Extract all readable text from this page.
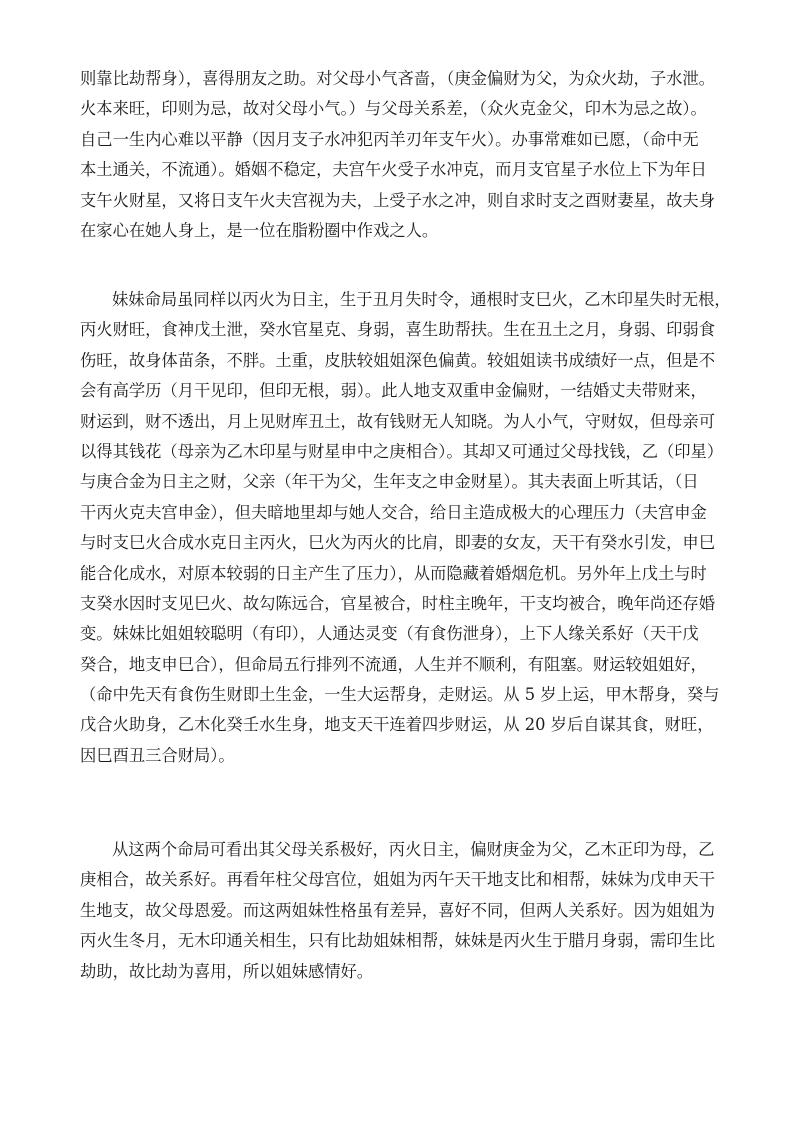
则靠比劫帮身），喜得朋友之助。对父母小气吝啬，（庚金偏财为父，为众火劫，子水泄。
火本来旺，印则为忌，故对父母小气。）与父母关系差，（众火克金父，印木为忌之故）。
自己一生内心难以平静（因月支子水冲犯丙羊刃年支午火）。办事常难如已愿，（命中无
本土通关，不流通）。婚姻不稳定，夫宫午火受子水冲克，而月支官星子水位上下为年日
支午火财星，又将日支午火夫宫视为夫，上受子水之冲，则自求时支之酉财妻星，故夫身
在家心在她人身上，是一位在脂粉圈中作戏之人。
妹妹命局虽同样以丙火为日主，生于丑月失时令，通根时支巳火，乙木印星失时无根，
丙火财旺，食神戊土泄，癸水官星克、身弱，喜生助帮扶。生在丑土之月，身弱、印弱食
伤旺，故身体苗条，不胖。土重，皮肤较姐姐深色偏黄。较姐姐读书成绩好一点，但是不
会有高学历（月干见印，但印无根，弱）。此人地支双重申金偏财，一结婚丈夫带财来，
财运到，财不透出，月上见财库丑土，故有钱财无人知晓。为人小气，守财奴，但母亲可
以得其钱花（母亲为乙木印星与财星申中之庚相合）。其却又可通过父母找钱，乙（印星）
与庚合金为日主之财，父亲（年干为父，生年支之申金财星）。其夫表面上听其话，（日
干丙火克夫宫申金），但夫暗地里却与她人交合，给日主造成极大的心理压力（夫宫申金
与时支巳火合成水克日主丙火，巳火为丙火的比肩，即妻的女友，天干有癸水引发，申巳
能合化成水，对原本较弱的日主产生了压力），从而隐藏着婚烟危机。另外年上戊土与时
支癸水因时支见巳火、故勾陈远合，官星被合，时柱主晚年，干支均被合，晚年尚还存婚
变。妹妹比姐姐较聪明（有印），人通达灵变（有食伤泄身），上下人缘关系好（天干戊
癸合，地支申巳合），但命局五行排列不流通，人生并不顺利，有阻塞。财运较姐姐好，
（命中先天有食伤生财即土生金，一生大运帮身，走财运。从 5 岁上运，甲木帮身，癸与
戊合火助身，乙木化癸壬水生身，地支天干连着四步财运，从 20 岁后自谋其食，财旺，
因巳酉丑三合财局）。
从这两个命局可看出其父母关系极好，丙火日主，偏财庚金为父，乙木正印为母，乙
庚相合，故关系好。再看年柱父母宫位，姐姐为丙午天干地支比和相帮，妹妹为戊申天干
生地支，故父母恩爱。而这两姐妹性格虽有差异，喜好不同，但两人关系好。因为姐姐为
丙火生冬月，无木印通关相生，只有比劫姐妹相帮，妹妹是丙火生于腊月身弱，需印生比
劫助，故比劫为喜用，所以姐妹感情好。
